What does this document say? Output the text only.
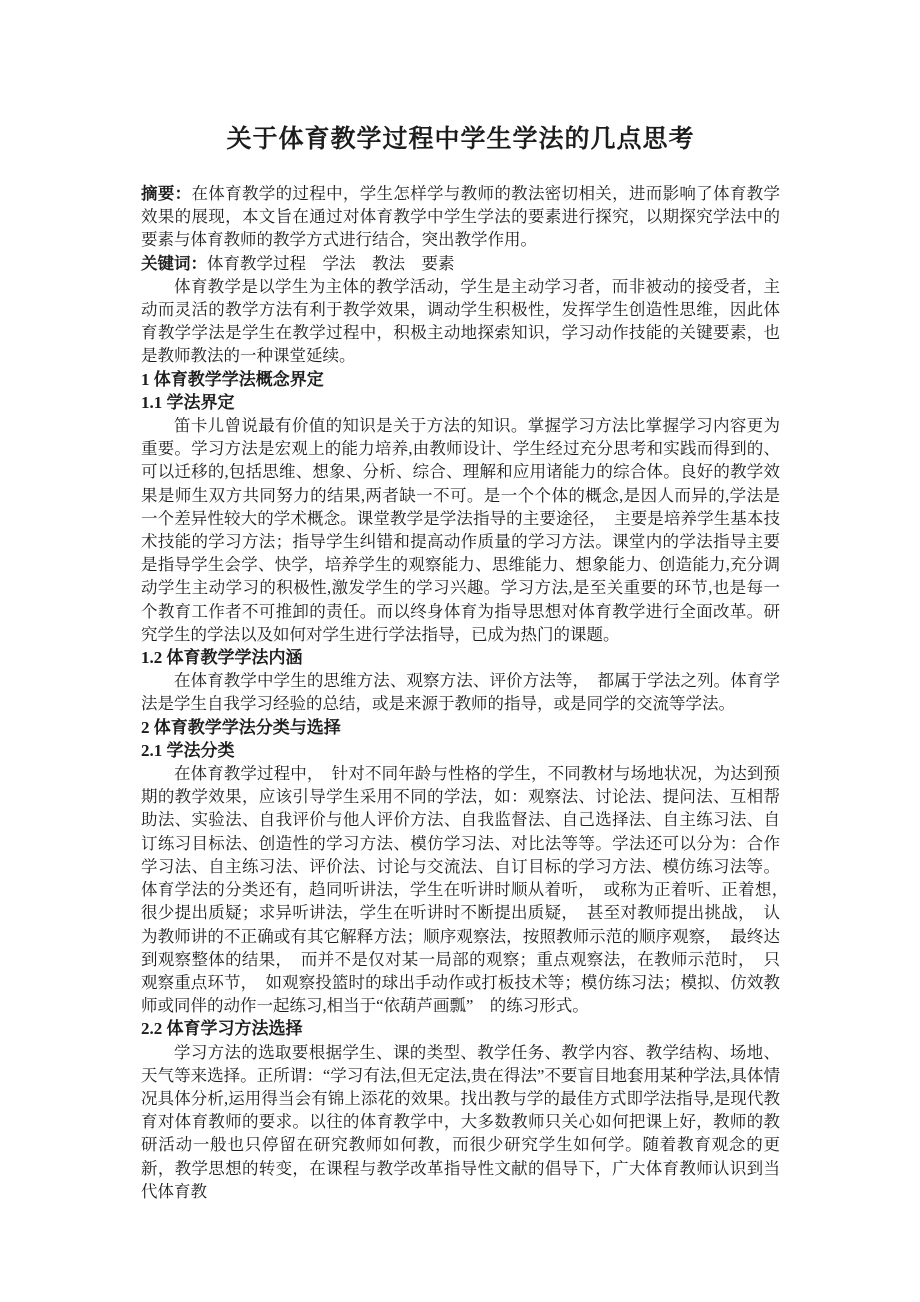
关于体育教学过程中学生学法的几点思考

摘要：在体育教学的过程中，学生怎样学与教师的教法密切相关，进而影响了体育教学效果的展现，本文旨在通过对体育教学中学生学法的要素进行探究，以期探究学法中的要素与体育教师的教学方式进行结合，突出教学作用。

关键词：体育教学过程　学法　教法　要素

体育教学是以学生为主体的教学活动，学生是主动学习者，而非被动的接受者，主动而灵活的教学方法有利于教学效果，调动学生积极性，发挥学生创造性思维，因此体育教学学法是学生在教学过程中，积极主动地探索知识，学习动作技能的关键要素，也是教师教法的一种课堂延续。

1 体育教学学法概念界定

1.1 学法界定

笛卡儿曾说最有价值的知识是关于方法的知识。掌握学习方法比掌握学习内容更为重要。学习方法是宏观上的能力培养,由教师设计、学生经过充分思考和实践而得到的、可以迁移的,包括思维、想象、分析、综合、理解和应用诸能力的综合体。良好的教学效果是师生双方共同努力的结果,两者缺一不可。是一个个体的概念,是因人而异的,学法是一个差异性较大的学术概念。课堂教学是学法指导的主要途径，　主要是培养学生基本技术技能的学习方法；指导学生纠错和提高动作质量的学习方法。课堂内的学法指导主要是指导学生会学、快学，培养学生的观察能力、思维能力、想象能力、创造能力,充分调动学生主动学习的积极性,激发学生的学习兴趣。学习方法,是至关重要的环节,也是每一个教育工作者不可推卸的责任。而以终身体育为指导思想对体育教学进行全面改革。研究学生的学法以及如何对学生进行学法指导，已成为热门的课题。

1.2 体育教学学法内涵

在体育教学中学生的思维方法、观察方法、评价方法等，　都属于学法之列。体育学法是学生自我学习经验的总结，或是来源于教师的指导，或是同学的交流等学法。

2 体育教学学法分类与选择

2.1 学法分类

在体育教学过程中，　针对不同年龄与性格的学生，不同教材与场地状况，为达到预期的教学效果，应该引导学生采用不同的学法，如：观察法、讨论法、提问法、互相帮助法、实验法、自我评价与他人评价方法、自我监督法、自己选择法、自主练习法、自订练习目标法、创造性的学习方法、模仿学习法、对比法等等。学法还可以分为：合作学习法、自主练习法、评价法、讨论与交流法、自订目标的学习方法、模仿练习法等。体育学法的分类还有，趋同听讲法，学生在听讲时顺从着听，　或称为正着听、正着想，　很少提出质疑；求异听讲法，学生在听讲时不断提出质疑，　甚至对教师提出挑战，　认为教师讲的不正确或有其它解释方法；顺序观察法，按照教师示范的顺序观察，　最终达到观察整体的结果，　而并不是仅对某一局部的观察；重点观察法，在教师示范时，　只观察重点环节，　如观察投篮时的球出手动作或打板技术等；模仿练习法；模拟、仿效教师或同伴的动作一起练习,相当于“依葫芦画瓢”　的练习形式。

2.2 体育学习方法选择

学习方法的选取要根据学生、课的类型、教学任务、教学内容、教学结构、场地、天气等来选择。正所谓：“学习有法,但无定法,贵在得法”不要盲目地套用某种学法,具体情况具体分析,运用得当会有锦上添花的效果。找出教与学的最佳方式即学法指导,是现代教育对体育教师的要求。以往的体育教学中，大多数教师只关心如何把课上好，教师的教研活动一般也只停留在研究教师如何教，而很少研究学生如何学。随着教育观念的更新，教学思想的转变，在课程与教学改革指导性文献的倡导下，广大体育教师认识到当代体育教
